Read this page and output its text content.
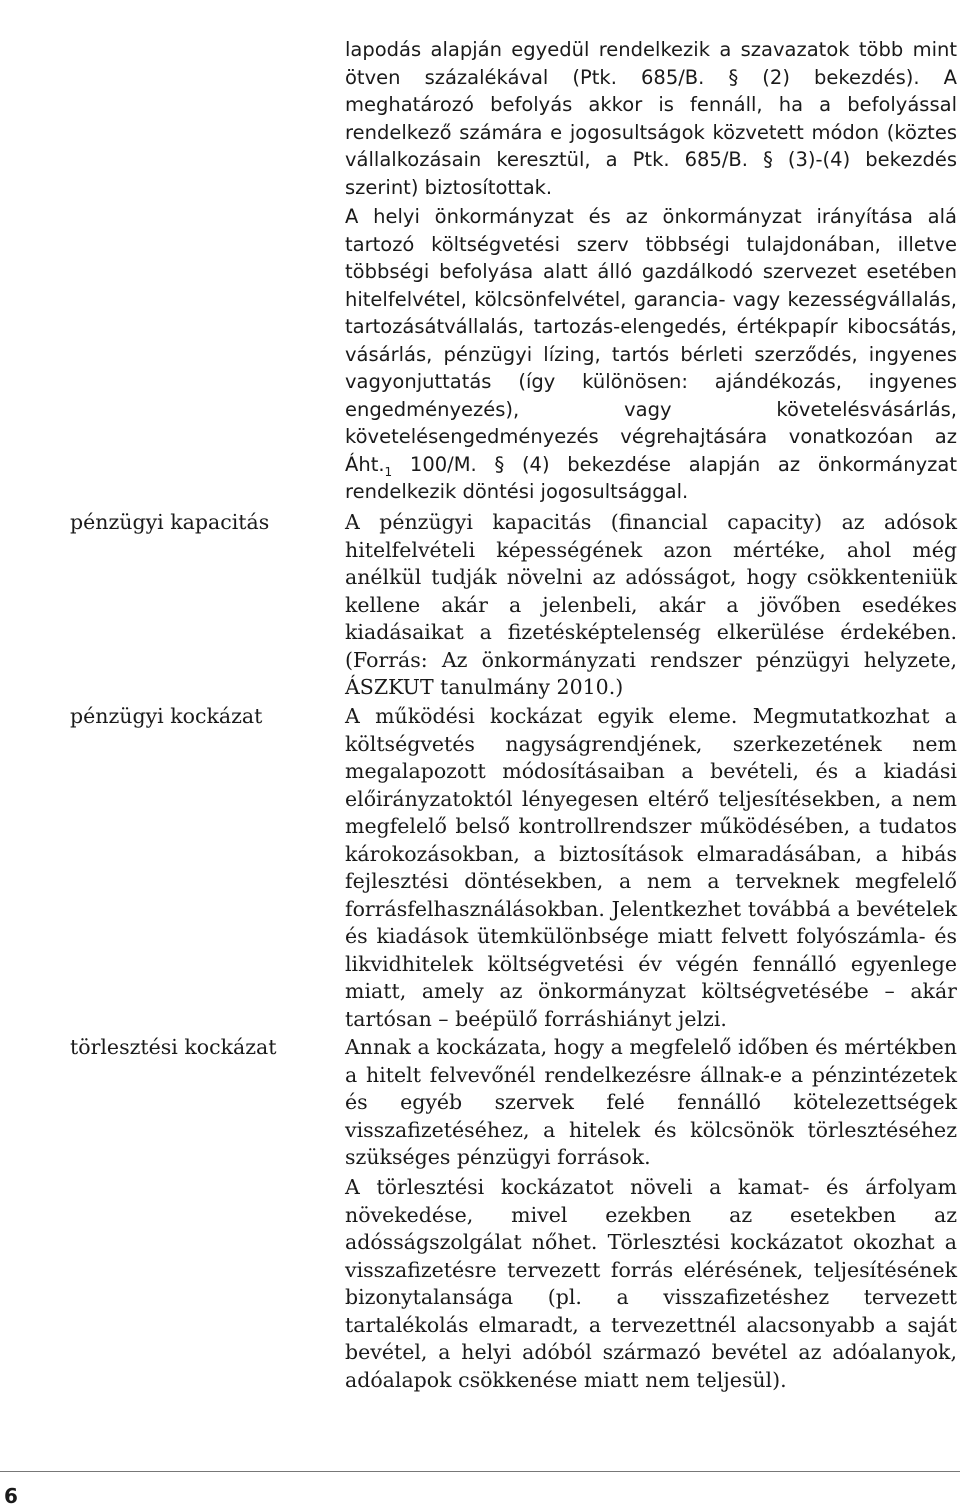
lapodás alapján egyedül rendelkezik a szavazatok több mint ötven százalékával (Ptk. 685/B. § (2) bekezdés). A meghatározó befolyás akkor is fennáll, ha a befolyással rendelkező számára e jogosultságok közvetett módon (köztes vállalkozásain keresztül, a Ptk. 685/B. § (3)-(4) bekezdés szerint) biztosítottak.

A helyi önkormányzat és az önkormányzat irányítása alá tartozó költségvetési szerv többségi tulajdonában, illetve többségi befolyása alatt álló gazdálkodó szervezet esetében hitelfelvétel, kölcsönfelvétel, garancia- vagy kezességvállalás, tartozásátvállalás, tartozás-elengedés, értékpapír kibocsátás, vásárlás, pénzügyi lízing, tartós bérleti szerződés, ingyenes vagyonjuttatás (így különösen: ajándékozás, ingyenes engedményezés), vagy követelésvásárlás, követelésengedményezés végrehajtására vonatkozóan az $Áht._1$ 100/M. § (4) bekezdése alapján az önkormányzat rendelkezik döntési jogosultsággal.

pénzügyi kapacitás	A pénzügyi kapacitás (financial capacity) az adósok hitelfelvételi képességének azon mértéke, ahol még anélkül tudják növelni az adósságot, hogy csökkenteniük kellene akár a jelenbeli, akár a jövőben esedékes kiadásaikat a fizetésképtelenség elkerülése érdekében. (Forrás: Az önkormányzati rendszer pénzügyi helyzete, ÁSZKUT tanulmány 2010.)

pénzügyi kockázat	A működési kockázat egyik eleme. Megmutatkozhat a költségvetés nagyságrendjének, szerkezetének nem megalapozott módosításaiban a bevételi, és a kiadási előirányzatoktól lényegesen eltérő teljesítésekben, a nem megfelelő belső kontrollrendszer működésében, a tudatos károkozásokban, a biztosítások elmaradásában, a hibás fejlesztési döntésekben, a nem a terveknek megfelelő forrásfelhasználásokban. Jelentkezhet továbbá a bevételek és kiadások ütemkülönbsége miatt felvett folyószámla- és likvidhitelek költségvetési év végén fennálló egyenlege miatt, amely az önkormányzat költségvetésébe – akár tartósan – beépülő forráshiányt jelzi.

törlesztési kockázat	Annak a kockázata, hogy a megfelelő időben és mértékben a hitelt felvevőnél rendelkezésre állnak-e a pénzintézetek és egyéb szervek felé fennálló kötelezettségek visszafizetéséhez, a hitelek és kölcsönök törlesztéséhez szükséges pénzügyi források.

A törlesztési kockázatot növeli a kamat- és árfolyam növekedése, mivel ezekben az esetekben az adósságszolgálat nőhet. Törlesztési kockázatot okozhat a visszafizetésre tervezett forrás elérésének, teljesítésének bizonytalansága (pl. a visszafizetéshez tervezett tartalékolás elmaradt, a tervezettnél alacsonyabb a saját bevétel, a helyi adóból származó bevétel az adóalanyok, adóalapok csökkenése miatt nem teljesül).

6
